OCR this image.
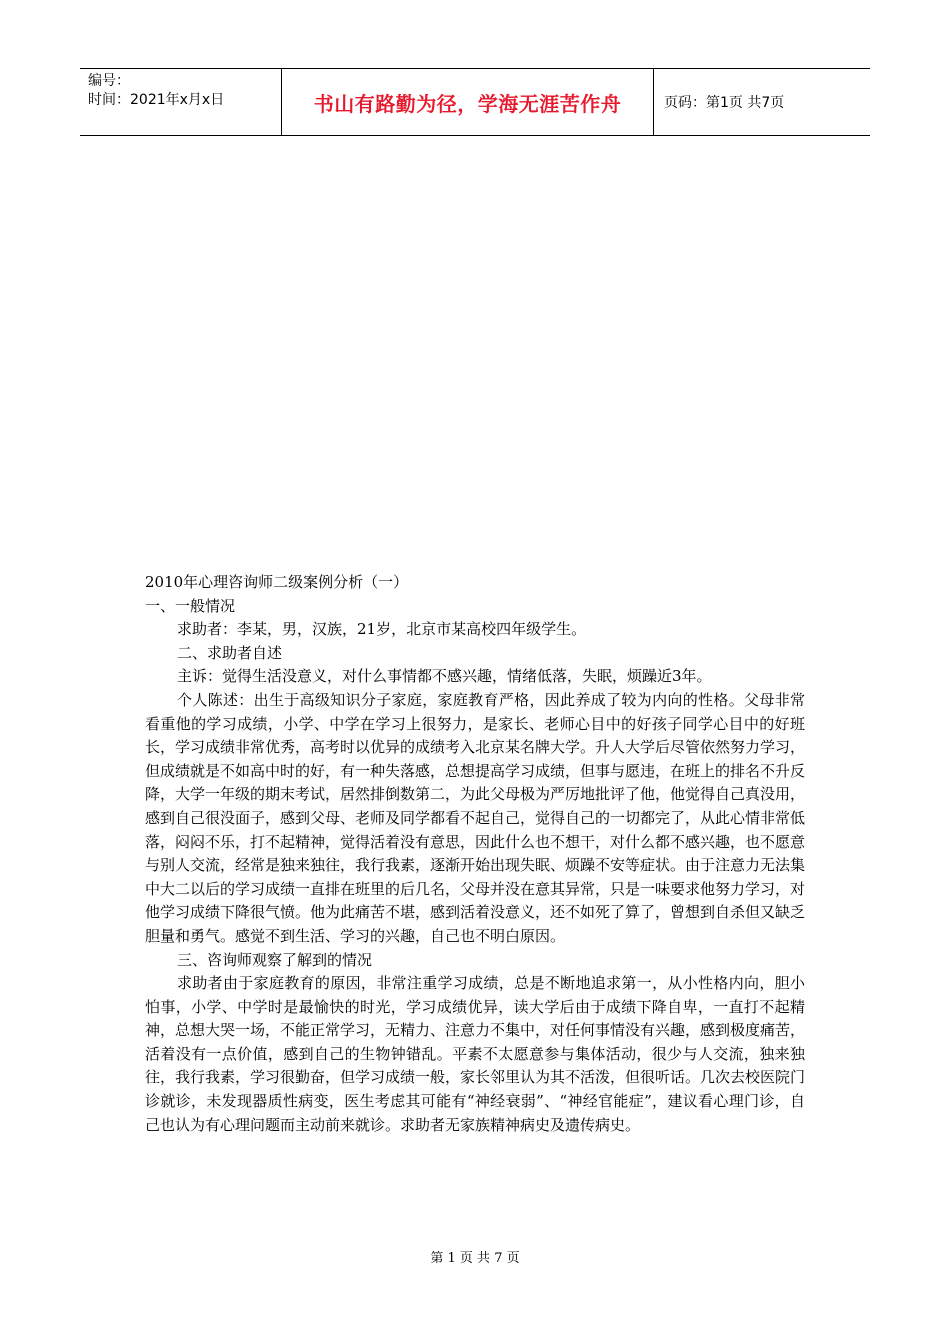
编号：
时间：2021年x月x日	书山有路勤为径，学海无涯苦作舟	页码：第1页 共7页

2010年心理咨询师二级案例分析（一）

一、一般情况

求助者：李某，男，汉族，21岁，北京市某高校四年级学生。

二、求助者自述

主诉：觉得生活没意义，对什么事情都不感兴趣，情绪低落，失眠，烦躁近3年。

个人陈述：出生于高级知识分子家庭，家庭教育严格，因此养成了较为内向的性格。父母非常看重他的学习成绩，小学、中学在学习上很努力，是家长、老师心目中的好孩子同学心目中的好班长，学习成绩非常优秀，高考时以优异的成绩考入北京某名牌大学。升人大学后尽管依然努力学习，但成绩就是不如高中时的好，有一种失落感，总想提高学习成绩，但事与愿违，在班上的排名不升反降，大学一年级的期末考试，居然排倒数第二，为此父母极为严厉地批评了他，他觉得自己真没用，感到自己很没面子，感到父母、老师及同学都看不起自己，觉得自己的一切都完了，从此心情非常低落，闷闷不乐，打不起精神，觉得活着没有意思，因此什么也不想干，对什么都不感兴趣，也不愿意与别人交流，经常是独来独往，我行我素，逐渐开始出现失眠、烦躁不安等症状。由于注意力无法集中大二以后的学习成绩一直排在班里的后几名，父母并没在意其异常，只是一味要求他努力学习，对他学习成绩下降很气愤。他为此痛苦不堪，感到活着没意义，还不如死了算了，曾想到自杀但又缺乏胆量和勇气。感觉不到生活、学习的兴趣，自己也不明白原因。

三、咨询师观察了解到的情况

求助者由于家庭教育的原因，非常注重学习成绩，总是不断地追求第一，从小性格内向，胆小怕事，小学、中学时是最愉快的时光，学习成绩优异，读大学后由于成绩下降自卑，一直打不起精神，总想大哭一场，不能正常学习，无精力、注意力不集中，对任何事情没有兴趣，感到极度痛苦，活着没有一点价值，感到自己的生物钟错乱。平素不太愿意参与集体活动，很少与人交流，独来独往，我行我素，学习很勤奋，但学习成绩一般，家长邻里认为其不活泼，但很听话。几次去校医院门诊就诊，未发现器质性病变，医生考虑其可能有“神经衰弱”、“神经官能症”，建议看心理门诊，自己也认为有心理问题而主动前来就诊。求助者无家族精神病史及遗传病史。

第 1 页 共 7 页
